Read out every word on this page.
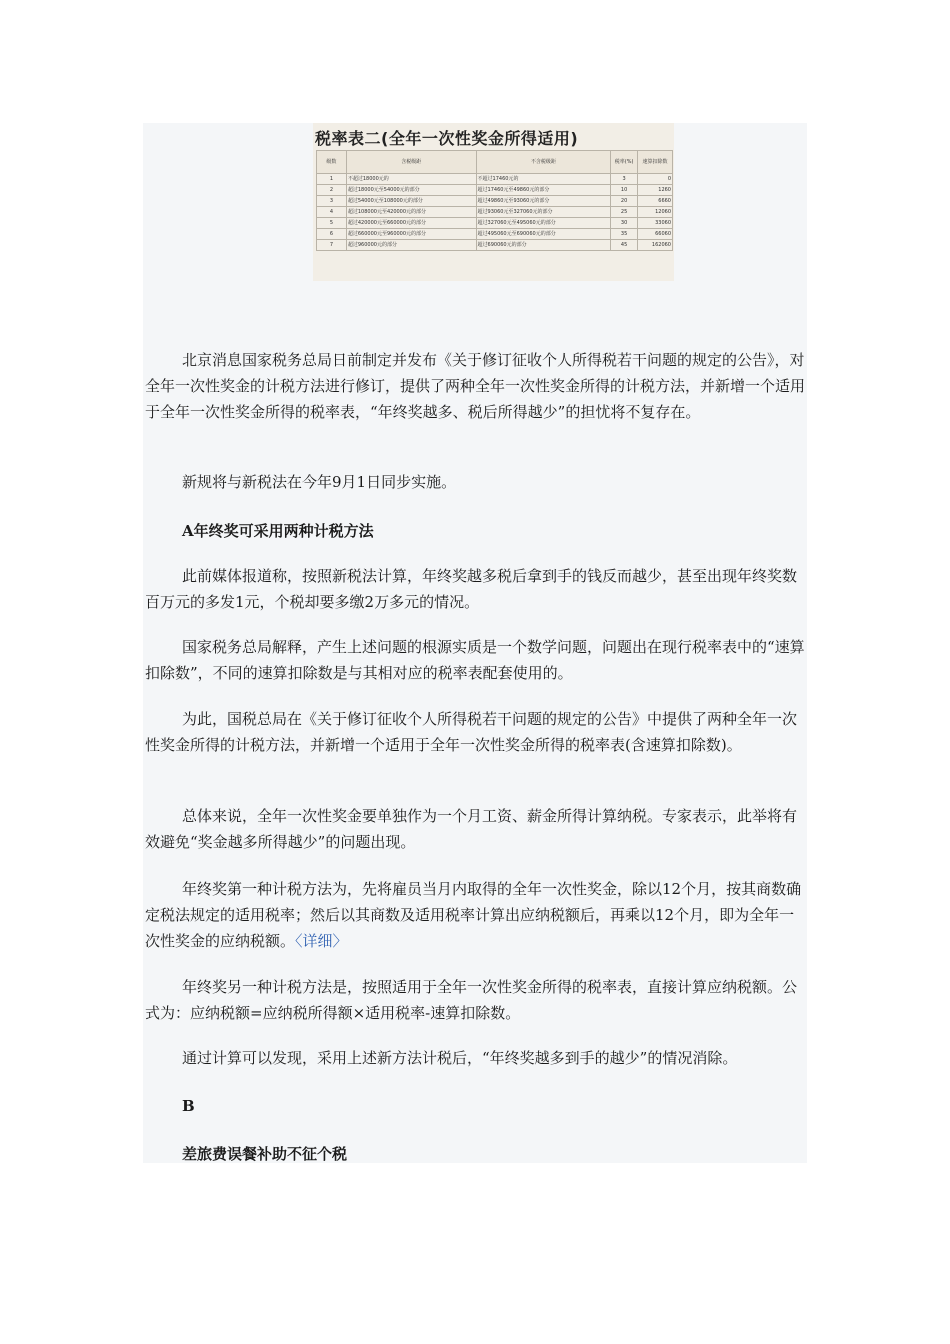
税率表二(全年一次性奖金所得适用)
级数	含税级距	不含税级距	税率(%)	速算扣除数
1	不超过18000元的	不超过17460元的	3	0
2	超过18000元至54000元的部分	超过17460元至49860元的部分	10	1260
3	超过54000元至108000元的部分	超过49860元至93060元的部分	20	6660
4	超过108000元至420000元的部分	超过93060元至327060元的部分	25	12060
5	超过420000元至660000元的部分	超过327060元至495060元的部分	30	33060
6	超过660000元至960000元的部分	超过495060元至690060元的部分	35	66060
7	超过960000元的部分	超过690060元的部分	45	162060

北京消息国家税务总局日前制定并发布《关于修订征收个人所得税若干问题的规定的公告》，对全年一次性奖金的计税方法进行修订，提供了两种全年一次性奖金所得的计税方法，并新增一个适用于全年一次性奖金所得的税率表，“年终奖越多、税后所得越少”的担忧将不复存在。

新规将与新税法在今年9月1日同步实施。

A年终奖可采用两种计税方法

此前媒体报道称，按照新税法计算，年终奖越多税后拿到手的钱反而越少，甚至出现年终奖数百万元的多发1元，个税却要多缴2万多元的情况。

国家税务总局解释，产生上述问题的根源实质是一个数学问题，问题出在现行税率表中的“速算扣除数”，不同的速算扣除数是与其相对应的税率表配套使用的。

为此，国税总局在《关于修订征收个人所得税若干问题的规定的公告》中提供了两种全年一次性奖金所得的计税方法，并新增一个适用于全年一次性奖金所得的税率表(含速算扣除数)。

总体来说，全年一次性奖金要单独作为一个月工资、薪金所得计算纳税。专家表示，此举将有效避免“奖金越多所得越少”的问题出现。

年终奖第一种计税方法为，先将雇员当月内取得的全年一次性奖金，除以12个月，按其商数确定税法规定的适用税率；然后以其商数及适用税率计算出应纳税额后，再乘以12个月，即为全年一次性奖金的应纳税额。〈详细〉

年终奖另一种计税方法是，按照适用于全年一次性奖金所得的税率表，直接计算应纳税额。公式为：应纳税额=应纳税所得额×适用税率-速算扣除数。

通过计算可以发现，采用上述新方法计税后，“年终奖越多到手的越少”的情况消除。

B

差旅费误餐补助不征个税
